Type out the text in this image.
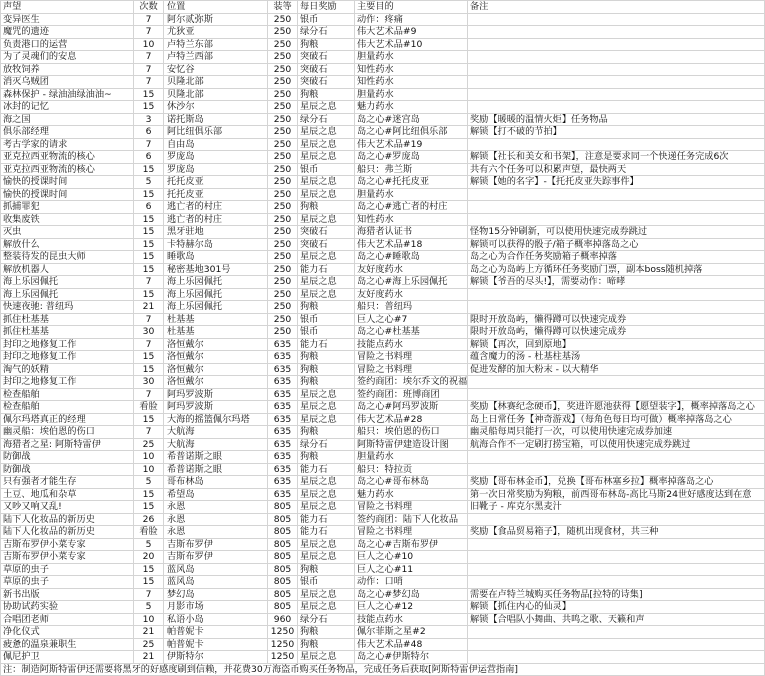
声望	次数	位置	装等	每日奖励	主要目的	备注
变异医生	7	阿尔贰弥斯	250	银币	动作：疼痛	
魔咒的遗迹	7	尤狄亚	250	绿分石	伟大艺术品#9	
负责港口的运营	10	卢特兰东部	250	狗粮	伟大艺术品#10	
为了灵魂们的安息	7	卢特兰西部	250	突破石	胆量药水	
放牧饲养	7	安忆谷	250	突破石	知性药水	
消灭乌贼团	7	贝隆北部	250	突破石	知性药水	
森林保护 - 绿油油绿油油~	15	贝隆北部	250	狗粮	胆量药水	
冰封的记忆	15	休沙尔	250	星辰之息	魅力药水	
海之国	3	诺托斯岛	250	绿分石	岛之心#迷宫岛	奖励【暖暖的温情火炬】任务物品
俱乐部经理	6	阿比纽俱乐部	250	星辰之息	岛之心#阿比纽俱乐部	解锁【打不破的节拍】
考古学家的请求	7	自由岛	250	星辰之息	伟大艺术品#19	
亚克拉西亚物流的核心	6	罗庞岛	250	星辰之息	岛之心#罗庞岛	解锁【社长和美女和书架】，注意是要求同一个快递任务完成6次
亚克拉西亚物流的核心	15	罗庞岛	250	银币	船只：弗兰斯	共有六个任务可以积累声望，最快两天
愉快的授课时间	5	托托皮亚	250	星辰之息	岛之心#托托皮亚	解锁【她的名字】-【托托皮亚失踪事件】
愉快的授课时间	15	托托皮亚	250	星辰之息	胆量药水	
抓捕罪犯	6	逃亡者的村庄	250	狗粮	岛之心#逃亡者的村庄	
收集废铁	15	逃亡者的村庄	250	星辰之息	知性药水	
灭虫	15	黑牙驻地	250	突破石	海猎者认证书	怪物15分钟刷新，可以使用快速完成券跳过
解放什么	15	卡特赫尔岛	250	突破石	伟大艺术品#18	解锁可以获得的骰子/箱子概率掉落岛之心
整装待发的昆虫大师	15	睡歌岛	250	星辰之息	岛之心#睡歌岛	岛之心为合作任务奖励箱子概率掉落
解放机器人	15	秘密基地301号	250	能力石	友好度药水	岛之心为岛屿上方循环任务奖励门票，副本boss随机掉落
海上乐园佩托	7	海上乐园佩托	250	星辰之息	岛之心#海上乐园佩托	解锁【爷吾的尽头!】，需要动作：啼哮
海上乐园佩托	15	海上乐园佩托	250	星辰之息	友好度药水	
快速夜驰: 普纽玛	21	海上乐园佩托	250	狗粮	船只：普纽玛	
抓住杜基基	7	杜基基	250	银币	巨人之心#7	限时开放岛屿，懒得蹲可以快速完成券
抓住杜基基	30	杜基基	250	银币	岛之心#杜基基	限时开放岛屿，懒得蹲可以快速完成券
封印之地修复工作	7	洛恒戴尔	635	能力石	技能点药水	解锁【再次，回到原地】
封印之地修复工作	15	洛恒戴尔	635	狗粮	冒险之书料理	蕴含魔力的汤 - 杜基柱基汤
淘气的妖精	15	洛恒戴尔	635	狗粮	冒险之书料理	促进发酵的加大粉末 - 以大精华
封印之地修复工作	30	洛恒戴尔	635	狗粮	签约商团：埃尔乔文的祝福	
检查船舶	7	阿玛罗波斯	635	星辰之息	签约商团：班博商团	
检查船舶	看脸	阿玛罗波斯	635	星辰之息	岛之心#阿玛罗波斯	奖励【林赛纪念硬币】，奖进许愿池获得【愿望装字】，概率掉落岛之心
佩尔玛塔真正的经理	15	大海的摇篮佩尔玛塔	635	星辰之息	伟大艺术品#28	岛上日常任务【神奇游戏】（每角色每日均可做）概率掉落岛之心
幽灵船：埃伯恩的伤口	7	大航海	635	狗粮	船只：埃伯恩的伤口	幽灵船每周只能打一次，可以使用快速完成券加速
海猎者之星: 阿斯特雷伊	25	大航海	635	绿分石	阿斯特雷伊建造设计图	航海合作不一定刷打捞宝箱，可以使用快速完成券跳过
防御战	10	希普诺斯之眼	635	狗粮	胆量药水	
防御战	10	希普诺斯之眼	635	能力石	船只：特拉贡	
只有强者才能生存	5	哥布林岛	635	星辰之息	岛之心#哥布林岛	奖励【哥布林金币】，兑换【哥布林塞乡拉】概率掉落岛之心
土豆、地瓜和杂草	15	希望岛	635	星辰之息	魅力药水	第一次日常奖励为狗粮，前西哥布林岛-高比马斯24世好感度达到在意
又吵又响又乱!	15	永恩	805	星辰之息	冒险之书料理	旧靴子 - 库克尔黑麦汁
陆下人化妆品的新历史	26	永恩	805	能力石	签约商团：陆下人化妆品	
陆下人化妆品的新历史	看脸	永恩	805	能力石	冒险之书料理	奖励【食品贸易箱子】，随机出现食材，共三种
吉斯布罗伊小菜专家	5	吉斯布罗伊	805	星辰之息	岛之心#吉斯布罗伊	
吉斯布罗伊小菜专家	20	吉斯布罗伊	805	星辰之息	巨人之心#10	
草原的虫子	15	蓝风岛	805	狗粮	巨人之心#11	
草原的虫子	15	蓝风岛	805	银币	动作：口哨	
新书出版	7	梦幻岛	805	星辰之息	岛之心#梦幻岛	需要在卢特兰城购买任务物品[拉特的诗集]
协助试药实验	5	月影市场	805	星辰之息	巨人之心#12	解锁【抓住内心的仙灵】
合唱团老师	10	私语小岛	960	绿分石	技能点药水	解锁【合唱队小舞曲、共鸣之歌、天籁和声
净化仪式	21	帕普妮卡	1250	狗粮	佩尔菲斯之星#2	
疲惫的温泉兼职生	25	帕普妮卡	1250	狗粮	伟大艺术品#48	
佩尼护卫	21	伊斯特尔	1250	星辰之息	岛之心#伊斯特尔	
注：制造阿斯特雷伊还需要将黑牙的好感度刷到信赖，并花费30万海盗币购买任务物品，完成任务后获取[阿斯特雷伊运营指南]						
